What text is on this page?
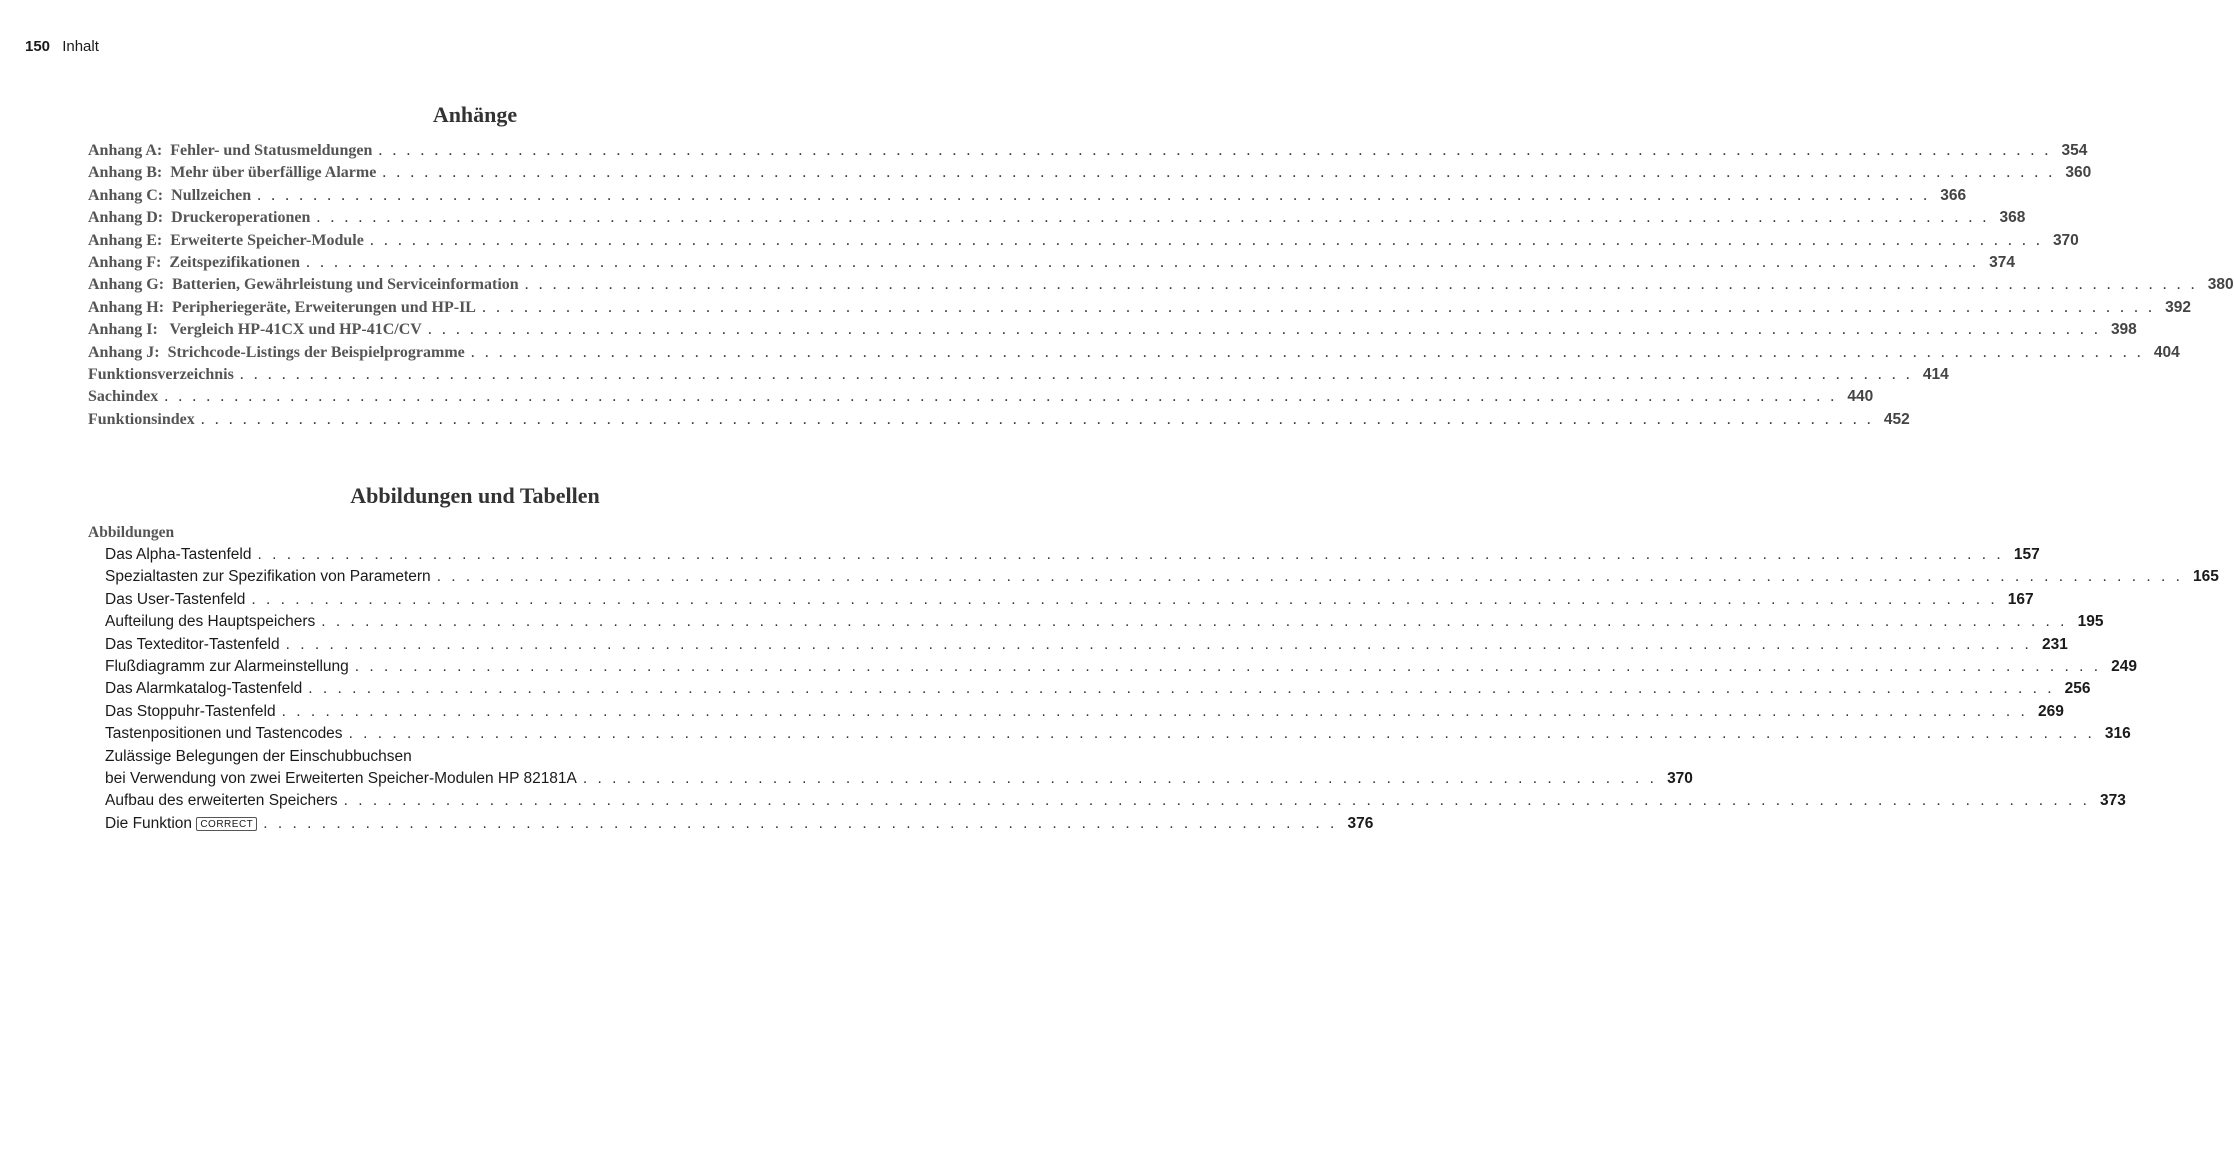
150 Inhalt
Anhänge
Anhang A:  Fehler- und Statusmeldungen . . . . . . . . . . . . . . . . . . . . . . . . . . . . . . . . . . . . . . . . . . . . . . . . . . . . . . . . . . . . . . . . . . . . . . . . . . . . . . . . . . . . . . . . . . . . . . . . . . . . . . . . . . . . . . . . . . . . . . . . 354
Anhang B:  Mehr über überfällige Alarme . . . . . . . . . . . . . . . . . . . . . . . . . . . . . . . . . . . . . . . . . . . . . . . . . . . . . . . . . . . . . . . . . . . . . . . . . . . . . . . . . . . . . . . . . . . . . . . . . . . . . . . . . . . . . . . . . . . . . . . . 360
Anhang C:  Nullzeichen . . . . . . . . . . . . . . . . . . . . . . . . . . . . . . . . . . . . . . . . . . . . . . . . . . . . . . . . . . . . . . . . . . . . . . . . . . . . . . . . . . . . . . . . . . . . . . . . . . . . . . . . . . . . . . . . . . . . . . . . 366
Anhang D:  Druckeroperationen . . . . . . . . . . . . . . . . . . . . . . . . . . . . . . . . . . . . . . . . . . . . . . . . . . . . . . . . . . . . . . . . . . . . . . . . . . . . . . . . . . . . . . . . . . . . . . . . . . . . . . . . . . . . . . . . . . . . . . . . 368
Anhang E:  Erweiterte Speicher-Module . . . . . . . . . . . . . . . . . . . . . . . . . . . . . . . . . . . . . . . . . . . . . . . . . . . . . . . . . . . . . . . . . . . . . . . . . . . . . . . . . . . . . . . . . . . . . . . . . . . . . . . . . . . . . . . . . . . . . . . . 370
Anhang F:  Zeitspezifikationen . . . . . . . . . . . . . . . . . . . . . . . . . . . . . . . . . . . . . . . . . . . . . . . . . . . . . . . . . . . . . . . . . . . . . . . . . . . . . . . . . . . . . . . . . . . . . . . . . . . . . . . . . . . . . . . . . . . . . . . . 374
Anhang G:  Batterien, Gewährleistung und Serviceinformation . . . . . . . . . . . . . . . . . . . . . . . . . . . . . . . . . . . . . . . . . . . . . . . . . . . . . . . . . . . . . . . . . . . . . . . . . . . . . . . . . . . . . . . . . . . . . . . . . . . . . . . . . . . . . . . . . . . . . . . . 380
Anhang H:  Peripheriegeräte, Erweiterungen und HP-IL . . . . . . . . . . . . . . . . . . . . . . . . . . . . . . . . . . . . . . . . . . . . . . . . . . . . . . . . . . . . . . . . . . . . . . . . . . . . . . . . . . . . . . . . . . . . . . . . . . . . . . . . . . . . . . . . . . . . . . . . 392
Anhang I:   Vergleich HP-41CX und HP-41C/CV . . . . . . . . . . . . . . . . . . . . . . . . . . . . . . . . . . . . . . . . . . . . . . . . . . . . . . . . . . . . . . . . . . . . . . . . . . . . . . . . . . . . . . . . . . . . . . . . . . . . . . . . . . . . . . . . . . . . . . . . 398
Anhang J:  Strichcode-Listings der Beispielprogramme . . . . . . . . . . . . . . . . . . . . . . . . . . . . . . . . . . . . . . . . . . . . . . . . . . . . . . . . . . . . . . . . . . . . . . . . . . . . . . . . . . . . . . . . . . . . . . . . . . . . . . . . . . . . . . . . . . . . . . . . 404
Funktionsverzeichnis . . . . . . . . . . . . . . . . . . . . . . . . . . . . . . . . . . . . . . . . . . . . . . . . . . . . . . . . . . . . . . . . . . . . . . . . . . . . . . . . . . . . . . . . . . . . . . . . . . . . . . . . . . . . . . . . . . . . . . . . 414
Sachindex . . . . . . . . . . . . . . . . . . . . . . . . . . . . . . . . . . . . . . . . . . . . . . . . . . . . . . . . . . . . . . . . . . . . . . . . . . . . . . . . . . . . . . . . . . . . . . . . . . . . . . . . . . . . . . . . . . . . . . . . 440
Funktionsindex . . . . . . . . . . . . . . . . . . . . . . . . . . . . . . . . . . . . . . . . . . . . . . . . . . . . . . . . . . . . . . . . . . . . . . . . . . . . . . . . . . . . . . . . . . . . . . . . . . . . . . . . . . . . . . . . . . . . . . . . 452
Abbildungen und Tabellen
Abbildungen
Das Alpha-Tastenfeld . . . . . . . . . . . . . . . . . . . . . . . . . . . . . . . . . . . . . . . . . . . . . . . . . . . . . . . . . . . . . . . . . . . . . . . . . . . . . . . . . . . . . . . . . . . . . . . . . . . . . . . . . . . . . . . . . . . . . . . . 157
Spezialtasten zur Spezifikation von Parametern . . . . . . . . . . . . . . . . . . . . . . . . . . . . . . . . . . . . . . . . . . . . . . . . . . . . . . . . . . . . . . . . . . . . . . . . . . . . . . . . . . . . . . . . . . . . . . . . . . . . . . . . . . . . . . . . . . . . . . . . 165
Das User-Tastenfeld . . . . . . . . . . . . . . . . . . . . . . . . . . . . . . . . . . . . . . . . . . . . . . . . . . . . . . . . . . . . . . . . . . . . . . . . . . . . . . . . . . . . . . . . . . . . . . . . . . . . . . . . . . . . . . . . . . . . . . . . 167
Aufteilung des Hauptspeichers . . . . . . . . . . . . . . . . . . . . . . . . . . . . . . . . . . . . . . . . . . . . . . . . . . . . . . . . . . . . . . . . . . . . . . . . . . . . . . . . . . . . . . . . . . . . . . . . . . . . . . . . . . . . . . . . . . . . . . . . 195
Das Texteditor-Tastenfeld . . . . . . . . . . . . . . . . . . . . . . . . . . . . . . . . . . . . . . . . . . . . . . . . . . . . . . . . . . . . . . . . . . . . . . . . . . . . . . . . . . . . . . . . . . . . . . . . . . . . . . . . . . . . . . . . . . . . . . . . 231
Flußdiagramm zur Alarmeinstellung . . . . . . . . . . . . . . . . . . . . . . . . . . . . . . . . . . . . . . . . . . . . . . . . . . . . . . . . . . . . . . . . . . . . . . . . . . . . . . . . . . . . . . . . . . . . . . . . . . . . . . . . . . . . . . . . . . . . . . . . 249
Das Alarmkatalog-Tastenfeld . . . . . . . . . . . . . . . . . . . . . . . . . . . . . . . . . . . . . . . . . . . . . . . . . . . . . . . . . . . . . . . . . . . . . . . . . . . . . . . . . . . . . . . . . . . . . . . . . . . . . . . . . . . . . . . . . . . . . . . . 256
Das Stoppuhr-Tastenfeld . . . . . . . . . . . . . . . . . . . . . . . . . . . . . . . . . . . . . . . . . . . . . . . . . . . . . . . . . . . . . . . . . . . . . . . . . . . . . . . . . . . . . . . . . . . . . . . . . . . . . . . . . . . . . . . . . . . . . . . . 269
Tastenpositionen und Tastencodes . . . . . . . . . . . . . . . . . . . . . . . . . . . . . . . . . . . . . . . . . . . . . . . . . . . . . . . . . . . . . . . . . . . . . . . . . . . . . . . . . . . . . . . . . . . . . . . . . . . . . . . . . . . . . . . . . . . . . . . . 316
Zulässige Belegungen der Einschubbuchsen
bei Verwendung von zwei Erweiterten Speicher-Modulen HP 82181A . . . . . . . . . . . . . . . . . . . . . . . . . . . . . . . . . . . . . . . . . . . . . . . . . . . . . . . . . . . . . . . . . . . . . . . . . . 370
Aufbau des erweiterten Speichers . . . . . . . . . . . . . . . . . . . . . . . . . . . . . . . . . . . . . . . . . . . . . . . . . . . . . . . . . . . . . . . . . . . . . . . . . . . . . . . . . . . . . . . . . . . . . . . . . . . . . . . . . . . . . . . . . . . . . . . . 373
Die Funktion CORRECT . . . . . . . . . . . . . . . . . . . . . . . . . . . . . . . . . . . . . . . . . . . . . . . . . . . . . . . . . . . . . . . . . . . . . . . . . . 376
